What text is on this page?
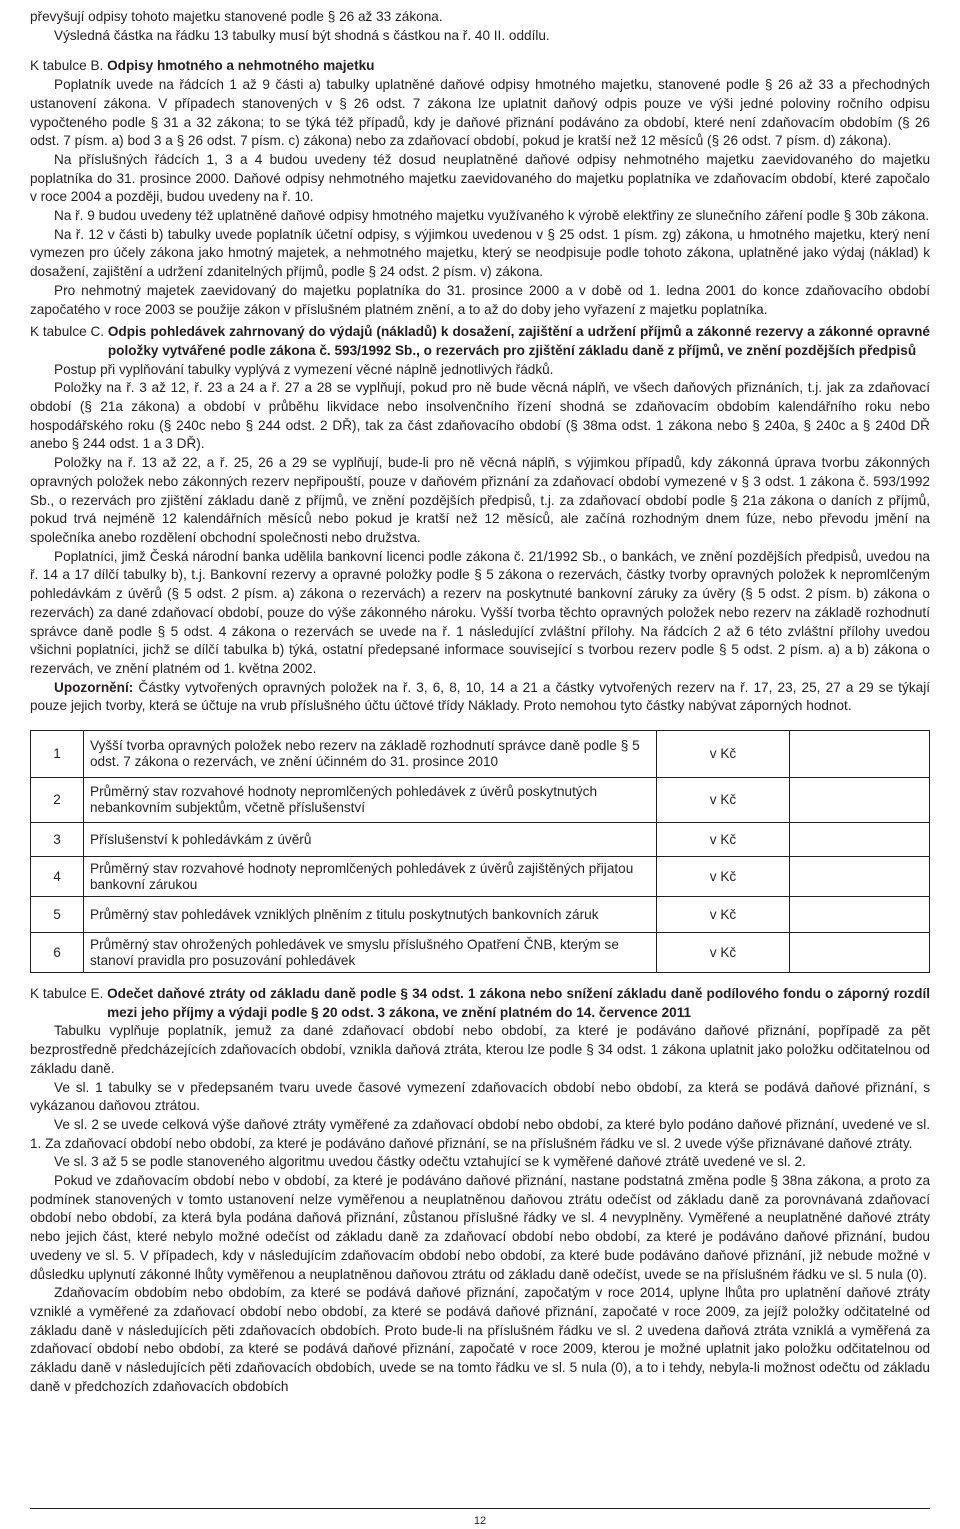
převyšují odpisy tohoto majetku stanovené podle § 26 až 33 zákona.

Výsledná částka na řádku 13 tabulky musí být shodná s částkou na ř. 40 II. oddílu.

K tabulce B. Odpisy hmotného a nehmotného majetku

Poplatník uvede na řádcích 1 až 9 části a) tabulky uplatněné daňové odpisy hmotného majetku, stanovené podle § 26 až 33 a přechodných ustanovení zákona. V případech stanovených v § 26 odst. 7 zákona lze uplatnit daňový odpis pouze ve výši jedné poloviny ročního odpisu vypočteného podle § 31 a 32 zákona; to se týká též případů, kdy je daňové přiznání podáváno za období, které není zdaňovacím obdobím (§ 26 odst. 7 písm. a) bod 3 a § 26 odst. 7 písm. c) zákona) nebo za zdaňovací období, pokud je kratší než 12 měsíců (§ 26 odst. 7 písm. d) zákona).

Na příslušných řádcích 1, 3 a 4 budou uvedeny též dosud neuplatněné daňové odpisy nehmotného majetku zaevidovaného do majetku poplatníka do 31. prosince 2000. Daňové odpisy nehmotného majetku zaevidovaného do majetku poplatníka ve zdaňovacím období, které započalo v roce 2004 a později, budou uvedeny na ř. 10.

Na ř. 9 budou uvedeny též uplatněné daňové odpisy hmotného majetku využívaného k výrobě elektřiny ze slunečního záření podle § 30b zákona.

Na ř. 12 v části b) tabulky uvede poplatník účetní odpisy, s výjimkou uvedenou v § 25 odst. 1 písm. zg) zákona, u hmotného majetku, který není vymezen pro účely zákona jako hmotný majetek, a nehmotného majetku, který se neodpisuje podle tohoto zákona, uplatněné jako výdaj (náklad) k dosažení, zajištění a udržení zdanitelných příjmů, podle § 24 odst. 2 písm. v) zákona.

Pro nehmotný majetek zaevidovaný do majetku poplatníka do 31. prosince 2000 a v době od 1. ledna 2001 do konce zdaňovacího období započatého v roce 2003 se použije zákon v příslušném platném znění, a to až do doby jeho vyřazení z majetku poplatníka.

K tabulce C. Odpis pohledávek zahrnovaný do výdajů (nákladů) k dosažení, zajištění a udržení příjmů a zákonné rezervy a zákonné opravné položky vytvářené podle zákona č. 593/1992 Sb., o rezervách pro zjištění základu daně z příjmů, ve znění pozdějších předpisů

Postup při vyplňování tabulky vyplývá z vymezení věcné náplně jednotlivých řádků.

Položky na ř. 3 až 12, ř. 23 a 24 a ř. 27 a 28 se vyplňují, pokud pro ně bude věcná náplň, ve všech daňových přiznáních, t.j. jak za zdaňovací období (§ 21a zákona) a období v průběhu likvidace nebo insolvenčního řízení shodná se zdaňovacím obdobím kalendářního roku nebo hospodářského roku (§ 240c nebo § 244 odst. 2 DŘ), tak za část zdaňovacího období (§ 38ma odst. 1 zákona nebo § 240a, § 240c a § 240d DŘ anebo § 244 odst. 1 a 3 DŘ).

Položky na ř. 13 až 22, a ř. 25, 26 a 29 se vyplňují, bude-li pro ně věcná náplň, s výjimkou případů, kdy zákonná úprava tvorbu zákonných opravných položek nebo zákonných rezerv nepřipouští, pouze v daňovém přiznání za zdaňovací období vymezené v § 3 odst. 1 zákona č. 593/1992 Sb., o rezervách pro zjištění základu daně z příjmů, ve znění pozdějších předpisů, t.j. za zdaňovací období podle § 21a zákona o daních z příjmů, pokud trvá nejméně 12 kalendářních měsíců nebo pokud je kratší než 12 měsíců, ale začíná rozhodným dnem fúze, nebo převodu jmění na společníka anebo rozdělení obchodní společnosti nebo družstva.

Poplatníci, jimž Česká národní banka udělila bankovní licenci podle zákona č. 21/1992 Sb., o bankách, ve znění pozdějších předpisů, uvedou na ř. 14 a 17 dílčí tabulky b), t.j. Bankovní rezervy a opravné položky podle § 5 zákona o rezervách, částky tvorby opravných položek k nepromlčeným pohledávkám z úvěrů (§ 5 odst. 2 písm. a) zákona o rezervách) a rezerv na poskytnuté bankovní záruky za úvěry (§ 5 odst. 2 písm. b) zákona o rezervách) za dané zdaňovací období, pouze do výše zákonného nároku. Vyšší tvorba těchto opravných položek nebo rezerv na základě rozhodnutí správce daně podle § 5 odst. 4 zákona o rezervách se uvede na ř. 1 následující zvláštní přílohy. Na řádcích 2 až 6 této zvláštní přílohy uvedou všichni poplatníci, jichž se dílčí tabulka b) týká, ostatní předepsané informace související s tvorbou rezerv podle § 5 odst. 2 písm. a) a b) zákona o rezervách, ve znění platném od 1. května 2002.

Upozornění: Částky vytvořených opravných položek na ř. 3, 6, 8, 10, 14 a 21 a částky vytvořených rezerv na ř. 17, 23, 25, 27 a 29 se týkají pouze jejich tvorby, která se účtuje na vrub příslušného účtu účtové třídy Náklady. Proto nemohou tyto částky nabývat záporných hodnot.

1	Vyšší tvorba opravných položek nebo rezerv na základě rozhodnutí správce daně podle § 5 odst. 7 zákona o rezervách, ve znění účinném do 31. prosince 2010	v Kč	
2	Průměrný stav rozvahové hodnoty nepromlčených pohledávek z úvěrů poskytnutých nebankovním subjektům, včetně příslušenství	v Kč	
3	Příslušenství k pohledávkám z úvěrů	v Kč	
4	Průměrný stav rozvahové hodnoty nepromlčených pohledávek z úvěrů zajištěných přijatou bankovní zárukou	v Kč	
5	Průměrný stav pohledávek vzniklých plněním z titulu poskytnutých bankovních záruk	v Kč	
6	Průměrný stav ohrožených pohledávek ve smyslu příslušného Opatření ČNB, kterým se stanoví pravidla pro posuzování pohledávek	v Kč	
K tabulce E. Odečet daňové ztráty od základu daně podle § 34 odst. 1 zákona nebo snížení základu daně podílového fondu o záporný rozdíl mezi jeho příjmy a výdaji podle § 20 odst. 3 zákona, ve znění platném do 14. července 2011

Tabulku vyplňuje poplatník, jemuž za dané zdaňovací období nebo období, za které je podáváno daňové přiznání, popřípadě za pět bezprostředně předcházejících zdaňovacích období, vznikla daňová ztráta, kterou lze podle § 34 odst. 1 zákona uplatnit jako položku odčitatelnou od základu daně.

Ve sl. 1 tabulky se v předepsaném tvaru uvede časové vymezení zdaňovacích období nebo období, za která se podává daňové přiznání, s vykázanou daňovou ztrátou.

Ve sl. 2 se uvede celková výše daňové ztráty vyměřené za zdaňovací období nebo období, za které bylo podáno daňové přiznání, uvedené ve sl. 1. Za zdaňovací období nebo období, za které je podáváno daňové přiznání, se na příslušném řádku ve sl. 2 uvede výše přiznávané daňové ztráty.

Ve sl. 3 až 5 se podle stanoveného algoritmu uvedou částky odečtu vztahující se k vyměřené daňové ztrátě uvedené ve sl. 2.

Pokud ve zdaňovacím období nebo v období, za které je podáváno daňové přiznání, nastane podstatná změna podle § 38na zákona, a proto za podmínek stanovených v tomto ustanovení nelze vyměřenou a neuplatněnou daňovou ztrátu odečíst od základu daně za porovnávaná zdaňovací období nebo období, za která byla podána daňová přiznání, zůstanou příslušné řádky ve sl. 4 nevyplněny. Vyměřené a neuplatněné daňové ztráty nebo jejich část, které nebylo možné odečíst od základu daně za zdaňovací období nebo období, za které je podáváno daňové přiznání, budou uvedeny ve sl. 5. V případech, kdy v následujícím zdaňovacím období nebo období, za které bude podáváno daňové přiznání, již nebude možné v důsledku uplynutí zákonné lhůty vyměřenou a neuplatněnou daňovou ztrátu od základu daně odečíst, uvede se na příslušném řádku ve sl. 5 nula (0).

Zdaňovacím obdobím nebo obdobím, za které se podává daňové přiznání, započatým v roce 2014, uplyne lhůta pro uplatnění daňové ztráty vzniklé a vyměřené za zdaňovací období nebo období, za které se podává daňové přiznání, započaté v roce 2009, za jejíž položky odčitatelné od základu daně v následujících pěti zdaňovacích obdobích. Proto bude-li na příslušném řádku ve sl. 2 uvedena daňová ztráta vzniklá a vyměřená za zdaňovací období nebo období, za které se podává daňové přiznání, započaté v roce 2009, kterou je možné uplatnit jako položku odčitatelnou od základu daně v následujících pěti zdaňovacích obdobích, uvede se na tomto řádku ve sl. 5 nula (0), a to i tehdy, nebyla-li možnost odečtu od základu daně v předchozích zdaňovacích obdobích

12
